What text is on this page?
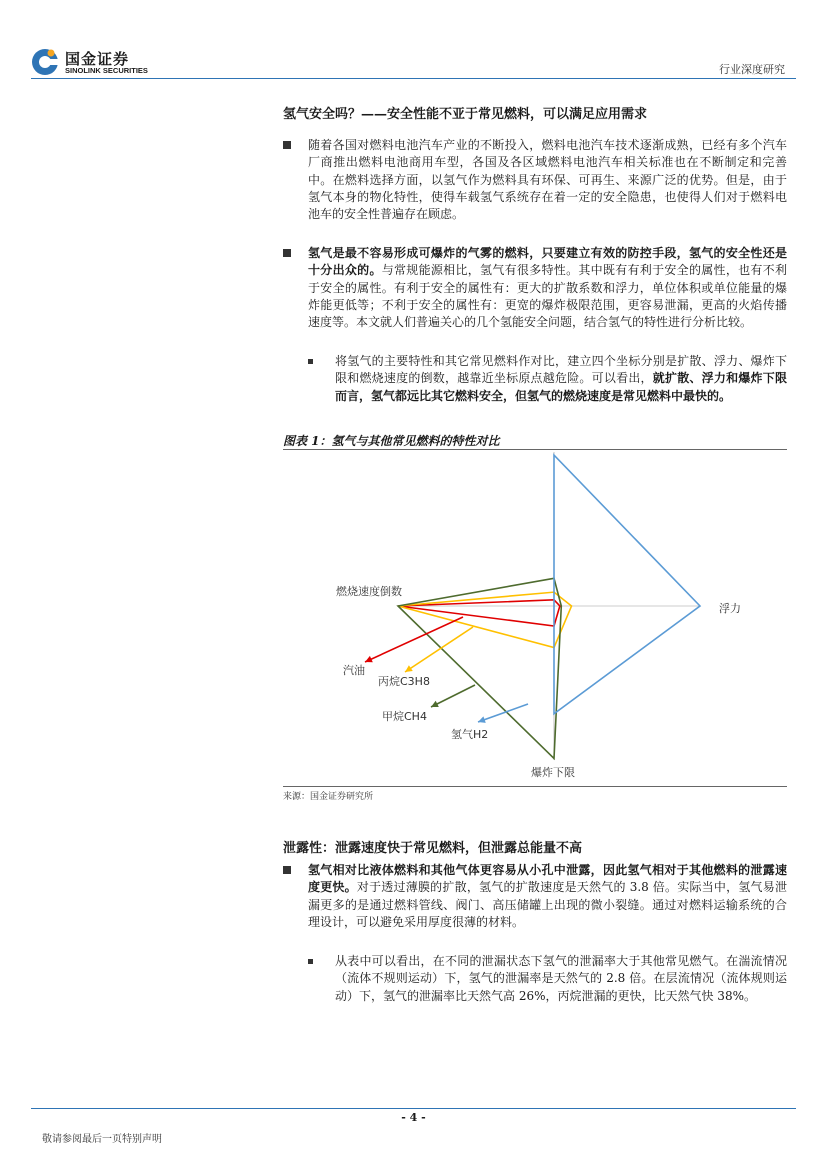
国金证券
SINOLINK SECURITIES	行业深度研究
氢气安全吗？——安全性能不亚于常见燃料，可以满足应用需求

随着各国对燃料电池汽车产业的不断投入，燃料电池汽车技术逐渐成熟，已经有多个汽车厂商推出燃料电池商用车型，各国及各区域燃料电池汽车相关标准也在不断制定和完善中。在燃料选择方面，以氢气作为燃料具有环保、可再生、来源广泛的优势。但是，由于氢气本身的物化特性，使得车载氢气系统存在着一定的安全隐患，也使得人们对于燃料电池车的安全性普遍存在顾虑。

氢气是最不容易形成可爆炸的气雾的燃料，只要建立有效的防控手段，氢气的安全性还是十分出众的。与常规能源相比，氢气有很多特性。其中既有有利于安全的属性，也有不利于安全的属性。有利于安全的属性有：更大的扩散系数和浮力，单位体积或单位能量的爆炸能更低等；不利于安全的属性有：更宽的爆炸极限范围，更容易泄漏，更高的火焰传播速度等。本文就人们普遍关心的几个氢能安全问题，结合氢气的特性进行分析比较。

将氢气的主要特性和其它常见燃料作对比，建立四个坐标分别是扩散、浮力、爆炸下限和燃烧速度的倒数，越靠近坐标原点越危险。可以看出，就扩散、浮力和爆炸下限而言，氢气都远比其它燃料安全，但氢气的燃烧速度是常见燃料中最快的。

图表 1：氢气与其他常见燃料的特性对比
燃烧速度倒数
浮力
爆炸下限
汽油
丙烷C3H8
甲烷CH4
氢气H2
来源：国金证券研究所
泄露性：泄露速度快于常见燃料，但泄露总能量不高

氢气相对比液体燃料和其他气体更容易从小孔中泄露，因此氢气相对于其他燃料的泄露速度更快。对于透过薄膜的扩散，氢气的扩散速度是天然气的 3.8 倍。实际当中，氢气易泄漏更多的是通过燃料管线、阀门、高压储罐上出现的微小裂缝。通过对燃料运输系统的合理设计，可以避免采用厚度很薄的材料。

从表中可以看出，在不同的泄漏状态下氢气的泄漏率大于其他常见燃气。在湍流情况（流体不规则运动）下，氢气的泄漏率是天然气的 2.8 倍。在层流情况（流体规则运动）下，氢气的泄漏率比天然气高 26%，丙烷泄漏的更快，比天然气快 38%。

- 4 -
敬请参阅最后一页特别声明
